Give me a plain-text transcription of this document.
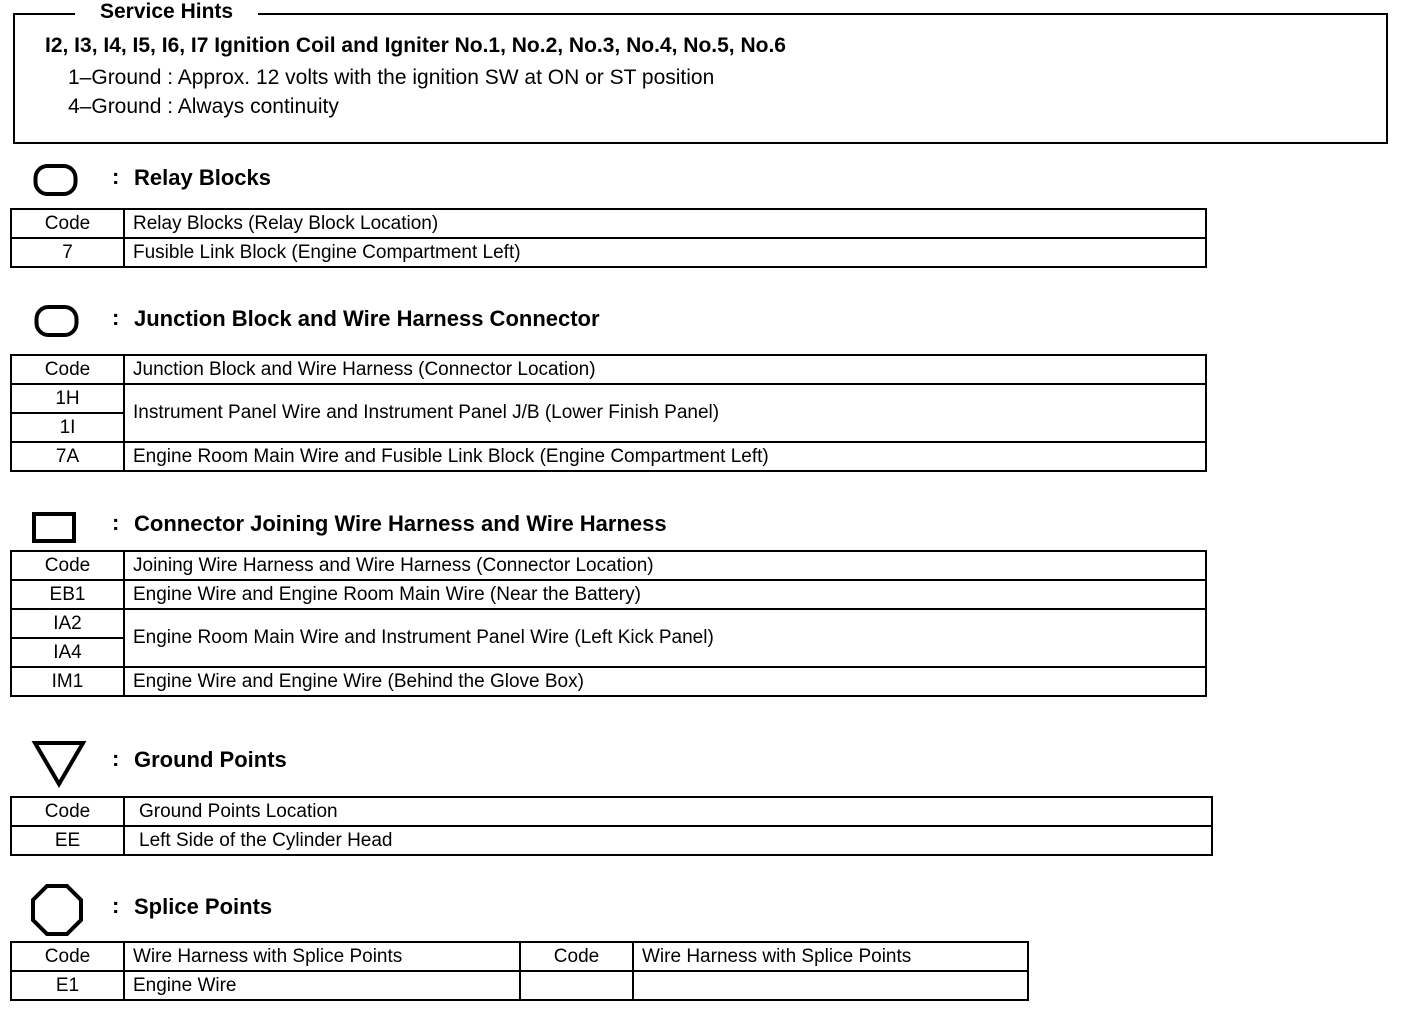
Service Hints
I2, I3, I4, I5, I6, I7 Ignition Coil and Igniter No.1, No.2, No.3, No.4, No.5, No.6
1–Ground : Approx. 12 volts with the ignition SW at ON or ST position
4–Ground : Always continuity
: Relay Blocks
Code	Relay Blocks (Relay Block Location)
7	Fusible Link Block (Engine Compartment Left)
: Junction Block and Wire Harness Connector
Code	Junction Block and Wire Harness (Connector Location)
1H	Instrument Panel Wire and Instrument Panel J/B (Lower Finish Panel)
1I	
7A	Engine Room Main Wire and Fusible Link Block (Engine Compartment Left)
: Connector Joining Wire Harness and Wire Harness
Code	Joining Wire Harness and Wire Harness (Connector Location)
EB1	Engine Wire and Engine Room Main Wire (Near the Battery)
IA2	Engine Room Main Wire and Instrument Panel Wire (Left Kick Panel)
IA4	
IM1	Engine Wire and Engine Wire (Behind the Glove Box)
: Ground Points
Code	Ground Points Location
EE	Left Side of the Cylinder Head
: Splice Points
Code	Wire Harness with Splice Points	Code	Wire Harness with Splice Points
E1	Engine Wire		
